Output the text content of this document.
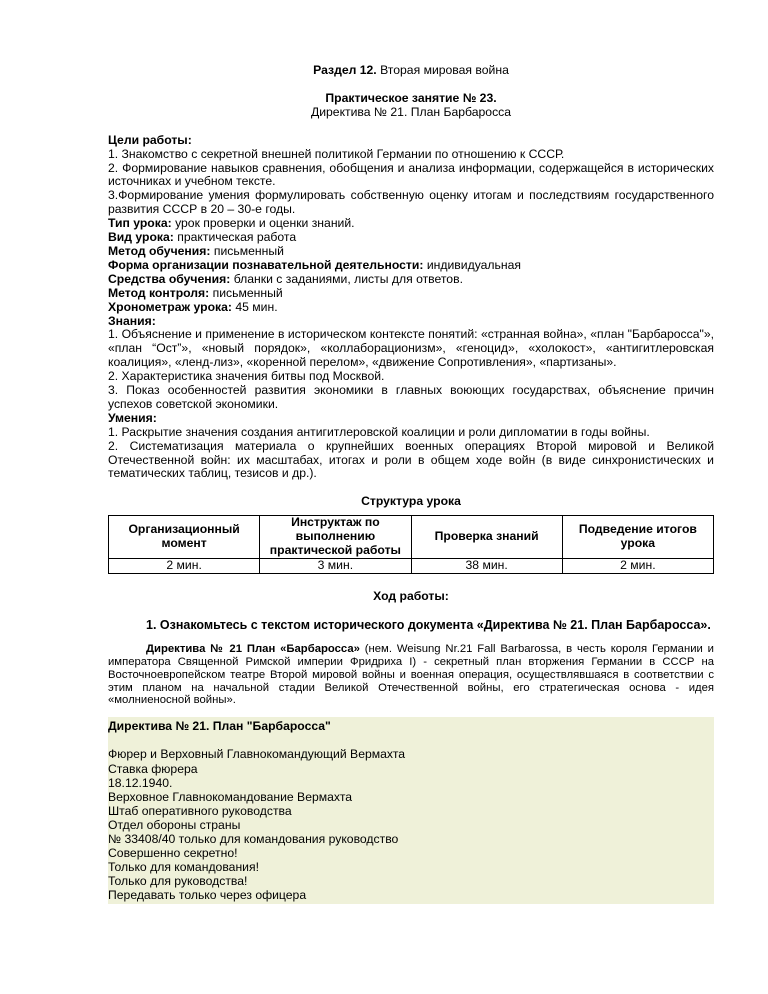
Раздел 12. Вторая мировая война
Практическое занятие № 23.
Директива № 21. План Барбаросса
Цели работы:
1. Знакомство с секретной внешней политикой Германии по отношению к СССР.
2. Формирование навыков сравнения, обобщения и анализа информации, содержащейся в исторических источниках и учебном тексте.
3.Формирование умения формулировать собственную оценку итогам и последствиям государственного развития СССР в 20 – 30-е годы.
Тип урока: урок проверки и оценки знаний.
Вид урока: практическая работа
Метод обучения: письменный
Форма организации познавательной деятельности: индивидуальная
Средства обучения: бланки с заданиями, листы для ответов.
Метод контроля: письменный
Хронометраж урока: 45 мин.
Знания:
1. Объяснение и применение в историческом контексте понятий: «странная война», «план "Барбаросса"», «план “Ост”», «новый порядок», «коллаборационизм», «геноцид», «холокост», «антигитлеровская коалиция», «ленд-лиз», «коренной перелом», «движение Сопротивления», «партизаны».
2. Характеристика значения битвы под Москвой.
3. Показ особенностей развития экономики в главных воюющих государствах, объяснение причин успехов советской экономики.
Умения:
1. Раскрытие значения создания антигитлеровской коалиции и роли дипломатии в годы войны.
2. Систематизация материала о крупнейших военных операциях Второй мировой и Великой Отечественной войн: их масштабах, итогах и роли в общем ходе войн (в виде синхронистических и тематических таблиц, тезисов и др.).
Структура урока
Организационный момент	Инструктаж по выполнению практической работы	Проверка знаний	Подведение итогов урока
2 мин.	3 мин.	38 мин.	2 мин.
Ход работы:
1. Ознакомьтесь с текстом исторического документа «Директива № 21. План Барбаросса».
Директива № 21 План «Барбаросса» (нем. Weisung Nr.21 Fall Barbarossa, в честь короля Германии и императора Священной Римской империи Фридриха I) - секретный план вторжения Германии в СССР на Восточноевропейском театре Второй мировой войны и военная операция, осуществлявшаяся в соответствии с этим планом на начальной стадии Великой Отечественной войны, его стратегическая основа - идея «молниеносной войны».
Директива № 21. План "Барбаросса"
Фюрер и Верховный Главнокомандующий Вермахта
Ставка фюрера
18.12.1940.
Верховное Главнокомандование Вермахта
Штаб оперативного руководства
Отдел обороны страны
№ 33408/40 только для командования руководство
Совершенно секретно!
Только для командования!
Только для руководства!
Передавать только через офицера
